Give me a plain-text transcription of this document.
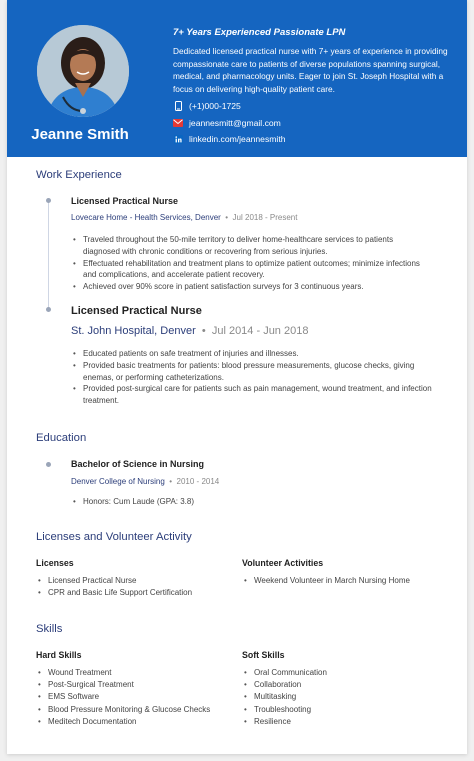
Jeanne Smith
7+ Years Experienced Passionate LPN
Dedicated licensed practical nurse with 7+ years of experience in providing compassionate care to patients of diverse populations spanning surgical, medical, and pharmacology units. Eager to join St. Joseph Hospital with a focus on delivering high-quality patient care.
(+1)000-1725
jeannesmitt@gmail.com
linkedin.com/jeannesmith
Work Experience
Licensed Practical Nurse
Lovecare Home - Health Services, Denver  •  Jul 2018 - Present
• Traveled throughout the 50-mile territory to deliver home-healthcare services to patients diagnosed with chronic conditions or recovering from serious injuries.
• Effectuated rehabilitation and treatment plans to optimize patient outcomes; minimize infections and complications, and accelerate patient recovery.
• Achieved over 90% score in patient satisfaction surveys for 3 continuous years.
Licensed Practical Nurse
St. John Hospital, Denver  •  Jul 2014 - Jun 2018
• Educated patients on safe treatment of injuries and illnesses.
• Provided basic treatments for patients: blood pressure measurements, glucose checks, giving enemas, or performing catheterizations.
• Provided post-surgical care for patients such as pain management, wound treatment, and infection treatment.
Education
Bachelor of Science in Nursing
Denver College of Nursing  •  2010 - 2014
• Honors: Cum Laude (GPA: 3.8)
Licenses and Volunteer Activity
Licenses
• Licensed Practical Nurse
• CPR and Basic Life Support Certification
Volunteer Activities
• Weekend Volunteer in March Nursing Home
Skills
Hard Skills
• Wound Treatment
• Post-Surgical Treatment
• EMS Software
• Blood Pressure Monitoring & Glucose Checks
• Meditech Documentation
Soft Skills
• Oral Communication
• Collaboration
• Multitasking
• Troubleshooting
• Resilience
